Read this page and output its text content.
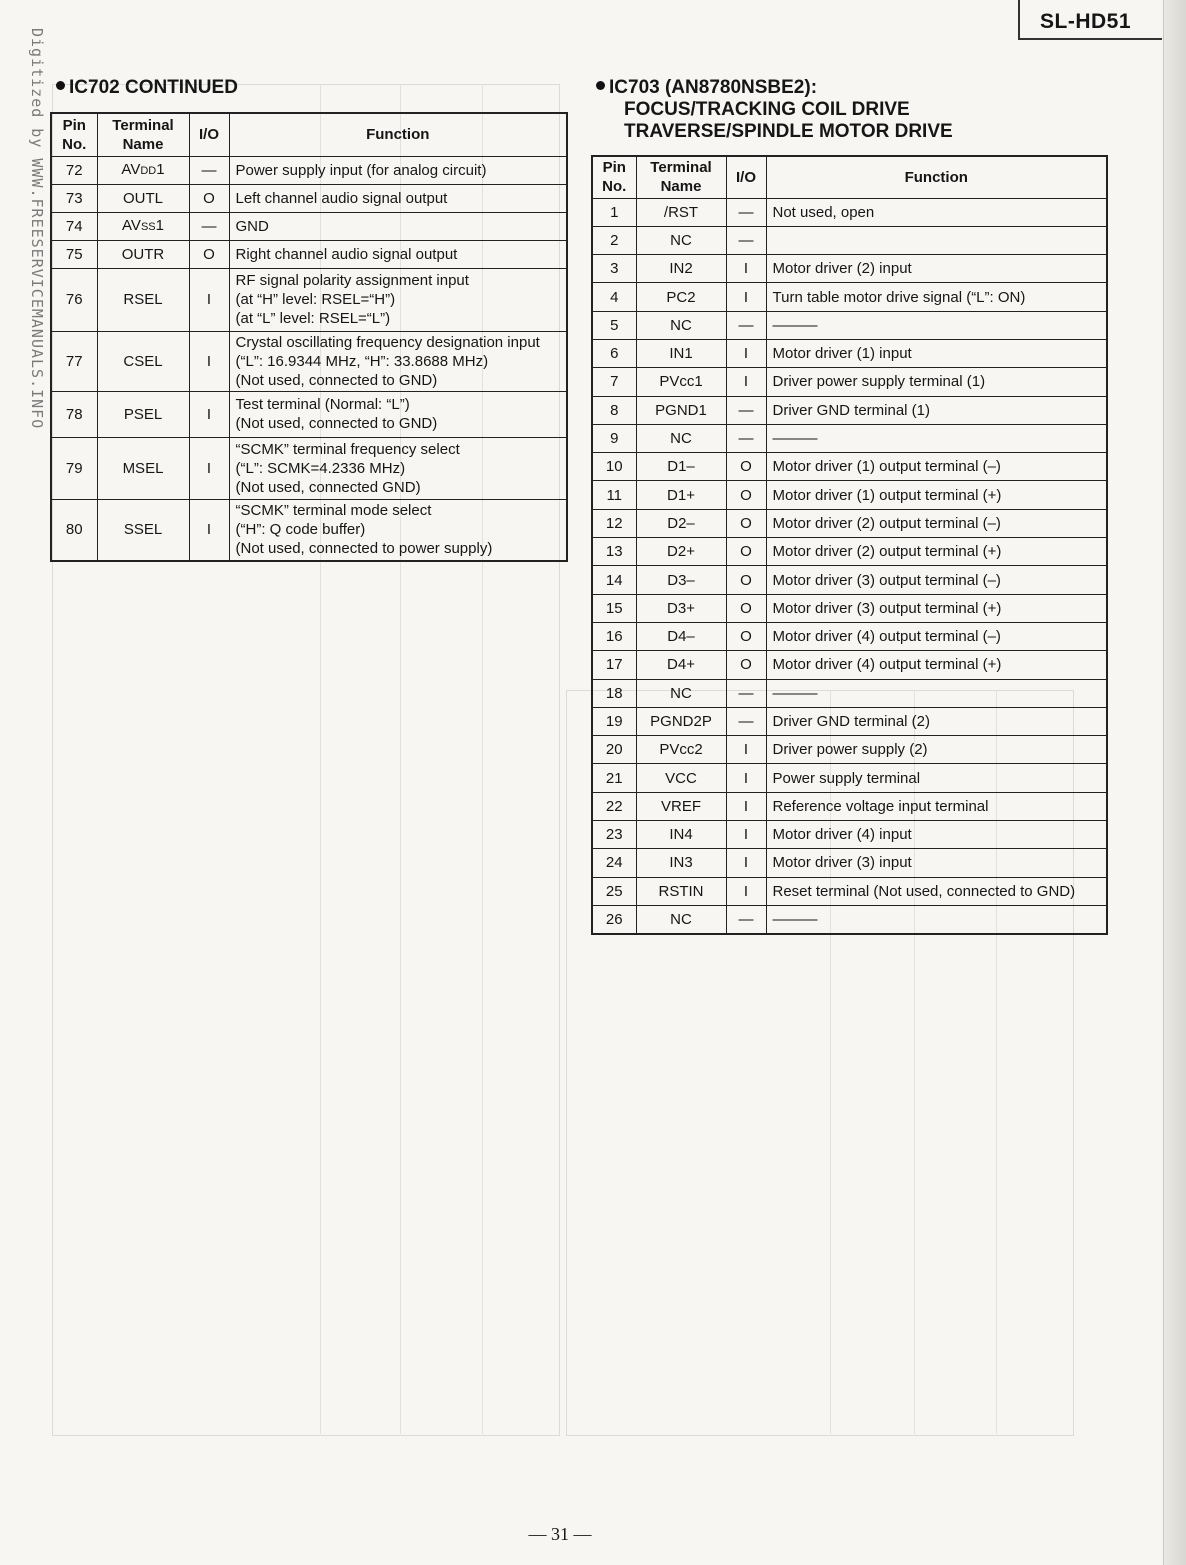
SL-HD51
Digitized by WWW.FREESERVICEMANUALS.INFO	IC702 CONTINUED
Pin
No.	Terminal
Name	I/O	Function
72	AVDD1	—	Power supply input (for analog circuit)
73	OUTL	O	Left channel audio signal output
74	AVSS1	—	GND
75	OUTR	O	Right channel audio signal output
76	RSEL	I	RF signal polarity assignment input
(at “H” level: RSEL=“H”)
(at “L” level: RSEL=“L”)
77	CSEL	I	Crystal oscillating frequency designation input
(“L”: 16.9344 MHz, “H”: 33.8688 MHz)
(Not used, connected to GND)
78	PSEL	I	Test terminal (Normal: “L”)
(Not used, connected to GND)
79	MSEL	I	“SCMK” terminal frequency select
(“L”: SCMK=4.2336 MHz)
(Not used, connected GND)
80	SSEL	I	“SCMK” terminal mode select
(“H”: Q code buffer)
(Not used, connected to power supply)
IC703 (AN8780NSBE2):
FOCUS/TRACKING COIL DRIVE
TRAVERSE/SPINDLE MOTOR DRIVE
Pin
No.	Terminal
Name	I/O	Function
1	/RST	—	Not used, open
2	NC	—	
3	IN2	I	Motor driver (2) input
4	PC2	I	Turn table motor drive signal (“L”: ON)
5	NC	—	———
6	IN1	I	Motor driver (1) input
7	PVcc1	I	Driver power supply terminal (1)
8	PGND1	—	Driver GND terminal (1)
9	NC	—	———
10	D1–	O	Motor driver (1) output terminal (–)
11	D1+	O	Motor driver (1) output terminal (+)
12	D2–	O	Motor driver (2) output terminal (–)
13	D2+	O	Motor driver (2) output terminal (+)
14	D3–	O	Motor driver (3) output terminal (–)
15	D3+	O	Motor driver (3) output terminal (+)
16	D4–	O	Motor driver (4) output terminal (–)
17	D4+	O	Motor driver (4) output terminal (+)
18	NC	—	———
19	PGND2P	—	Driver GND terminal (2)
20	PVcc2	I	Driver power supply (2)
21	VCC	I	Power supply terminal
22	VREF	I	Reference voltage input terminal
23	IN4	I	Motor driver (4) input
24	IN3	I	Motor driver (3) input
25	RSTIN	I	Reset terminal (Not used, connected to GND)
26	NC	—	———
— 31 —
